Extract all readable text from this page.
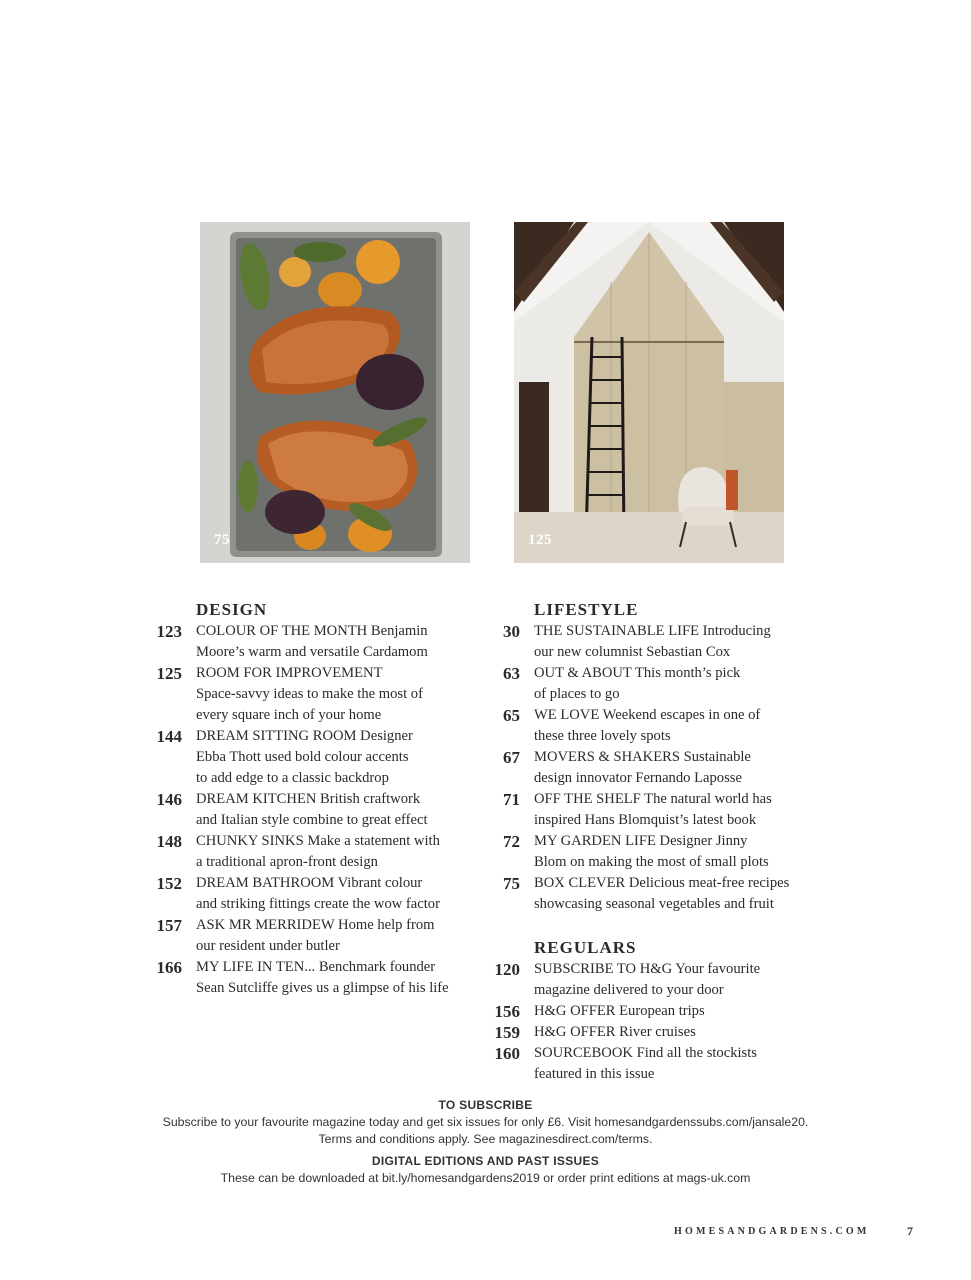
75	125
DESIGN
123 COLOUR OF THE MONTH Benjamin
Moore’s warm and versatile Cardamom
125 ROOM FOR IMPROVEMENT
Space-savvy ideas to make the most of
every square inch of your home
144 DREAM SITTING ROOM Designer
Ebba Thott used bold colour accents
to add edge to a classic backdrop
146 DREAM KITCHEN British craftwork
and Italian style combine to great effect
148 CHUNKY SINKS Make a statement with
a traditional apron-front design
152 DREAM BATHROOM Vibrant colour
and striking fittings create the wow factor
157 ASK MR MERRIDEW Home help from
our resident under butler
166 MY LIFE IN TEN... Benchmark founder
Sean Sutcliffe gives us a glimpse of his life
LIFESTYLE
30 THE SUSTAINABLE LIFE Introducing
our new columnist Sebastian Cox
63 OUT & ABOUT This month’s pick
of places to go
65 WE LOVE Weekend escapes in one of
these three lovely spots
67 MOVERS & SHAKERS Sustainable
design innovator Fernando Laposse
71 OFF THE SHELF The natural world has
inspired Hans Blomquist’s latest book
72 MY GARDEN LIFE Designer Jinny
Blom on making the most of small plots
75 BOX CLEVER Delicious meat-free recipes
showcasing seasonal vegetables and fruit
REGULARS
120 SUBSCRIBE TO H&G Your favourite
magazine delivered to your door
156 H&G OFFER European trips
159 H&G OFFER River cruises
160 SOURCEBOOK Find all the stockists
featured in this issue
TO SUBSCRIBE
Subscribe to your favourite magazine today and get six issues for only £6. Visit homesandgardenssubs.com/jansale20.
Terms and conditions apply. See magazinesdirect.com/terms.
DIGITAL EDITIONS AND PAST ISSUES
These can be downloaded at bit.ly/homesandgardens2019 or order print editions at mags-uk.com
HOMESANDGARDENS.COM	7
